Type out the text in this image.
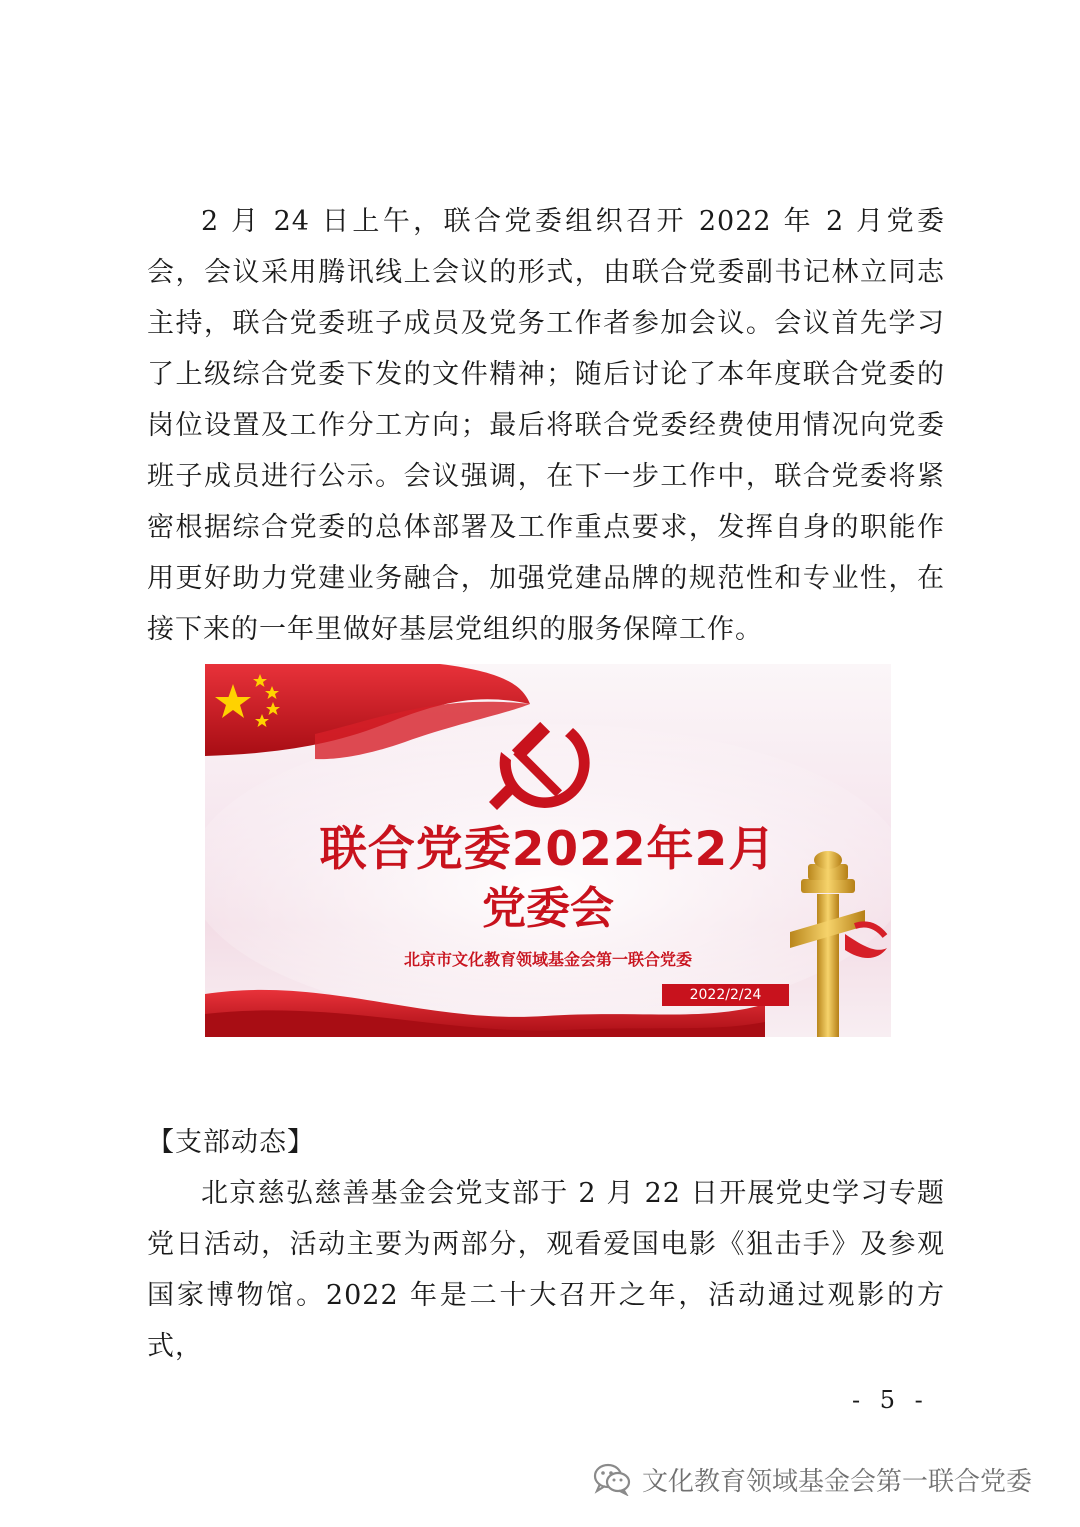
2 月 24 日上午，联合党委组织召开 2022 年 2 月党委会，会议采用腾讯线上会议的形式，由联合党委副书记林立同志主持，联合党委班子成员及党务工作者参加会议。会议首先学习了上级综合党委下发的文件精神；随后讨论了本年度联合党委的岗位设置及工作分工方向；最后将联合党委经费使用情况向党委班子成员进行公示。会议强调，在下一步工作中，联合党委将紧密根据综合党委的总体部署及工作重点要求，发挥自身的职能作用更好助力党建业务融合，加强党建品牌的规范性和专业性，在接下来的一年里做好基层党组织的服务保障工作。

联合党委2022年2月

党委会

北京市文化教育领域基金会第一联合党委

2022/2/24

【支部动态】

北京慈弘慈善基金会党支部于 2 月 22 日开展党史学习专题党日活动，活动主要为两部分，观看爱国电影《狙击手》及参观国家博物馆。2022 年是二十大召开之年，活动通过观影的方式，

- 5 -
文化教育领域基金会第一联合党委
